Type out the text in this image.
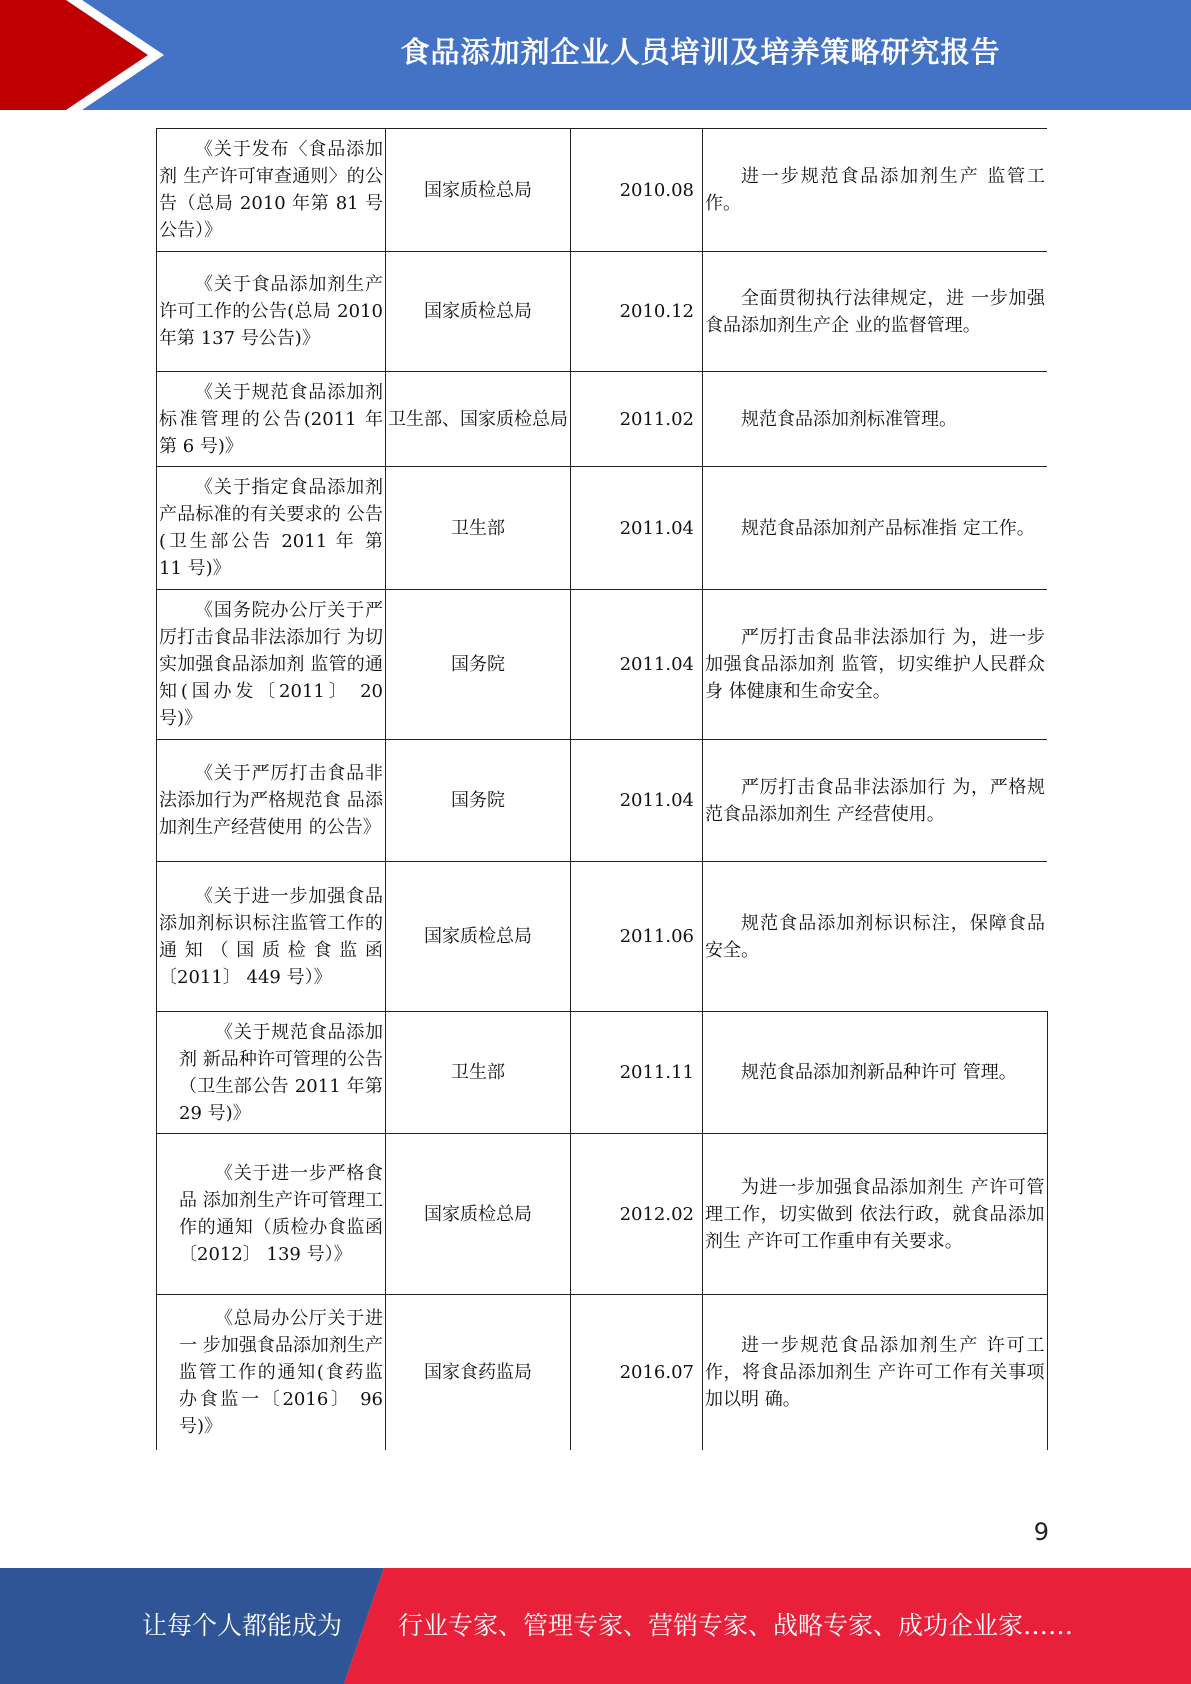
食品添加剂企业人员培训及培养策略研究报告
《关于发布〈食品添加剂 生产许可审查通则〉的公 告（总局 2010 年第 81 号 公告）》	国家质检总局	2010.08	进一步规范食品添加剂生产 监管工作。
《关于食品添加剂生产 许可工作的公告(总局 2010 年第 137 号公告)》	国家质检总局	2010.12	全面贯彻执行法律规定，进 一步加强食品添加剂生产企 业的监督管理。
《关于规范食品添加剂 标准管理的公告(2011 年 第 6 号)》	卫生部、国家质检总局	2011.02	规范食品添加剂标准管理。
《关于指定食品添加剂 产品标准的有关要求的 公告(卫生部公告 2011 年 第 11 号)》	卫生部	2011.04	规范食品添加剂产品标准指 定工作。
《国务院办公厅关于严 厉打击食品非法添加行 为切实加强食品添加剂 监管的通知(国办发〔2011〕 20 号)》	国务院	2011.04	严厉打击食品非法添加行 为，进一步加强食品添加剂 监管，切实维护人民群众身 体健康和生命安全。
《关于严厉打击食品非 法添加行为严格规范食 品添加剂生产经营使用 的公告》	国务院	2011.04	严厉打击食品非法添加行 为，严格规范食品添加剂生 产经营使用。
《关于进一步加强食品 添加剂标识标注监管工作的通知（国质检食监函〔2011〕 449 号）》	国家质检总局	2011.06	规范食品添加剂标识标注，保障食品安全。
《关于规范食品添加剂 新品种许可管理的公告（卫生部公告 2011 年第 29 号)》	卫生部	2011.11	规范食品添加剂新品种许可 管理。
《关于进一步严格食品 添加剂生产许可管理工 作的通知（质检办食监函〔2012〕 139 号）》	国家质检总局	2012.02	为进一步加强食品添加剂生 产许可管理工作，切实做到 依法行政，就食品添加剂生 产许可工作重申有关要求。
《总局办公厅关于进一 步加强食品添加剂生产 监管工作的通知(食药监 办食监一〔2016〕 96 号)》	国家食药监局	2016.07	进一步规范食品添加剂生产 许可工作，将食品添加剂生 产许可工作有关事项加以明 确。
9
让每个人都能成为 行业专家、管理专家、营销专家、战略专家、成功企业家……
